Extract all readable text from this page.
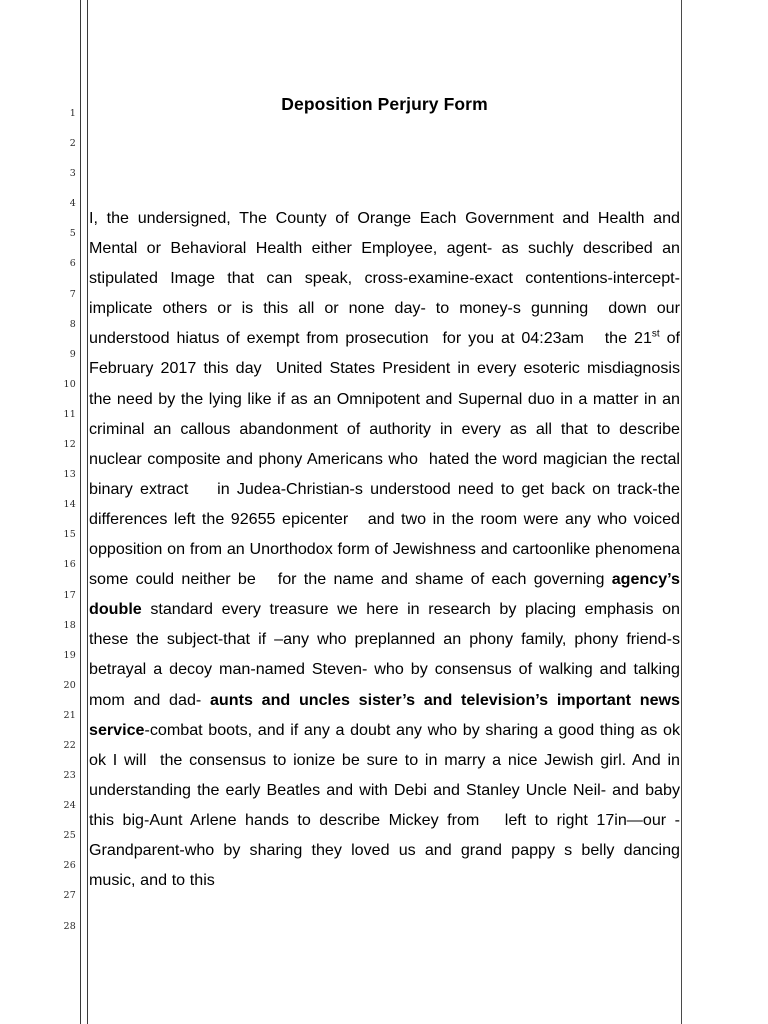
1
2
3
4
5
6
7
8
9
10
11
12
13
14
15
16
17
18
19
20
21
22
23
24
25
26
27
28
Deposition Perjury Form
I, the undersigned, The County of Orange Each Government and Health and Mental or Behavioral Health either Employee, agent- as suchly described an stipulated Image that can speak, cross-examine-exact contentions-intercept-implicate others or is this all or none day- to money-s gunning  down our understood hiatus of exempt from prosecution  for you at 04:23am   the 21st of February 2017 this day  United States President in every esoteric misdiagnosis the need by the lying like if as an Omnipotent and Supernal duo in a matter in an criminal an callous abandonment of authority in every as all that to describe nuclear composite and phony Americans who  hated the word magician the rectal binary extract    in Judea-Christian-s understood need to get back on track-the differences left the 92655 epicenter   and two in the room were any who voiced opposition on from an Unorthodox form of Jewishness and cartoonlike phenomena   some could neither be   for the name and shame of each governing agency’s double standard every treasure we here in research by placing emphasis on these the subject-that if –any who preplanned an phony family, phony friend-s betrayal a decoy man-named Steven- who by consensus of walking and talking mom and dad- aunts and uncles sister’s and television’s important news service-combat boots, and if any a doubt any who by sharing a good thing as ok  ok I will  the consensus to ionize be sure to in marry a nice Jewish girl. And in understanding the early Beatles and with Debi and Stanley Uncle Neil- and baby this big-Aunt Arlene hands to describe Mickey from   left to right 17in—our - Grandparent-who by sharing they loved us and grand pappy s belly dancing music, and to this
